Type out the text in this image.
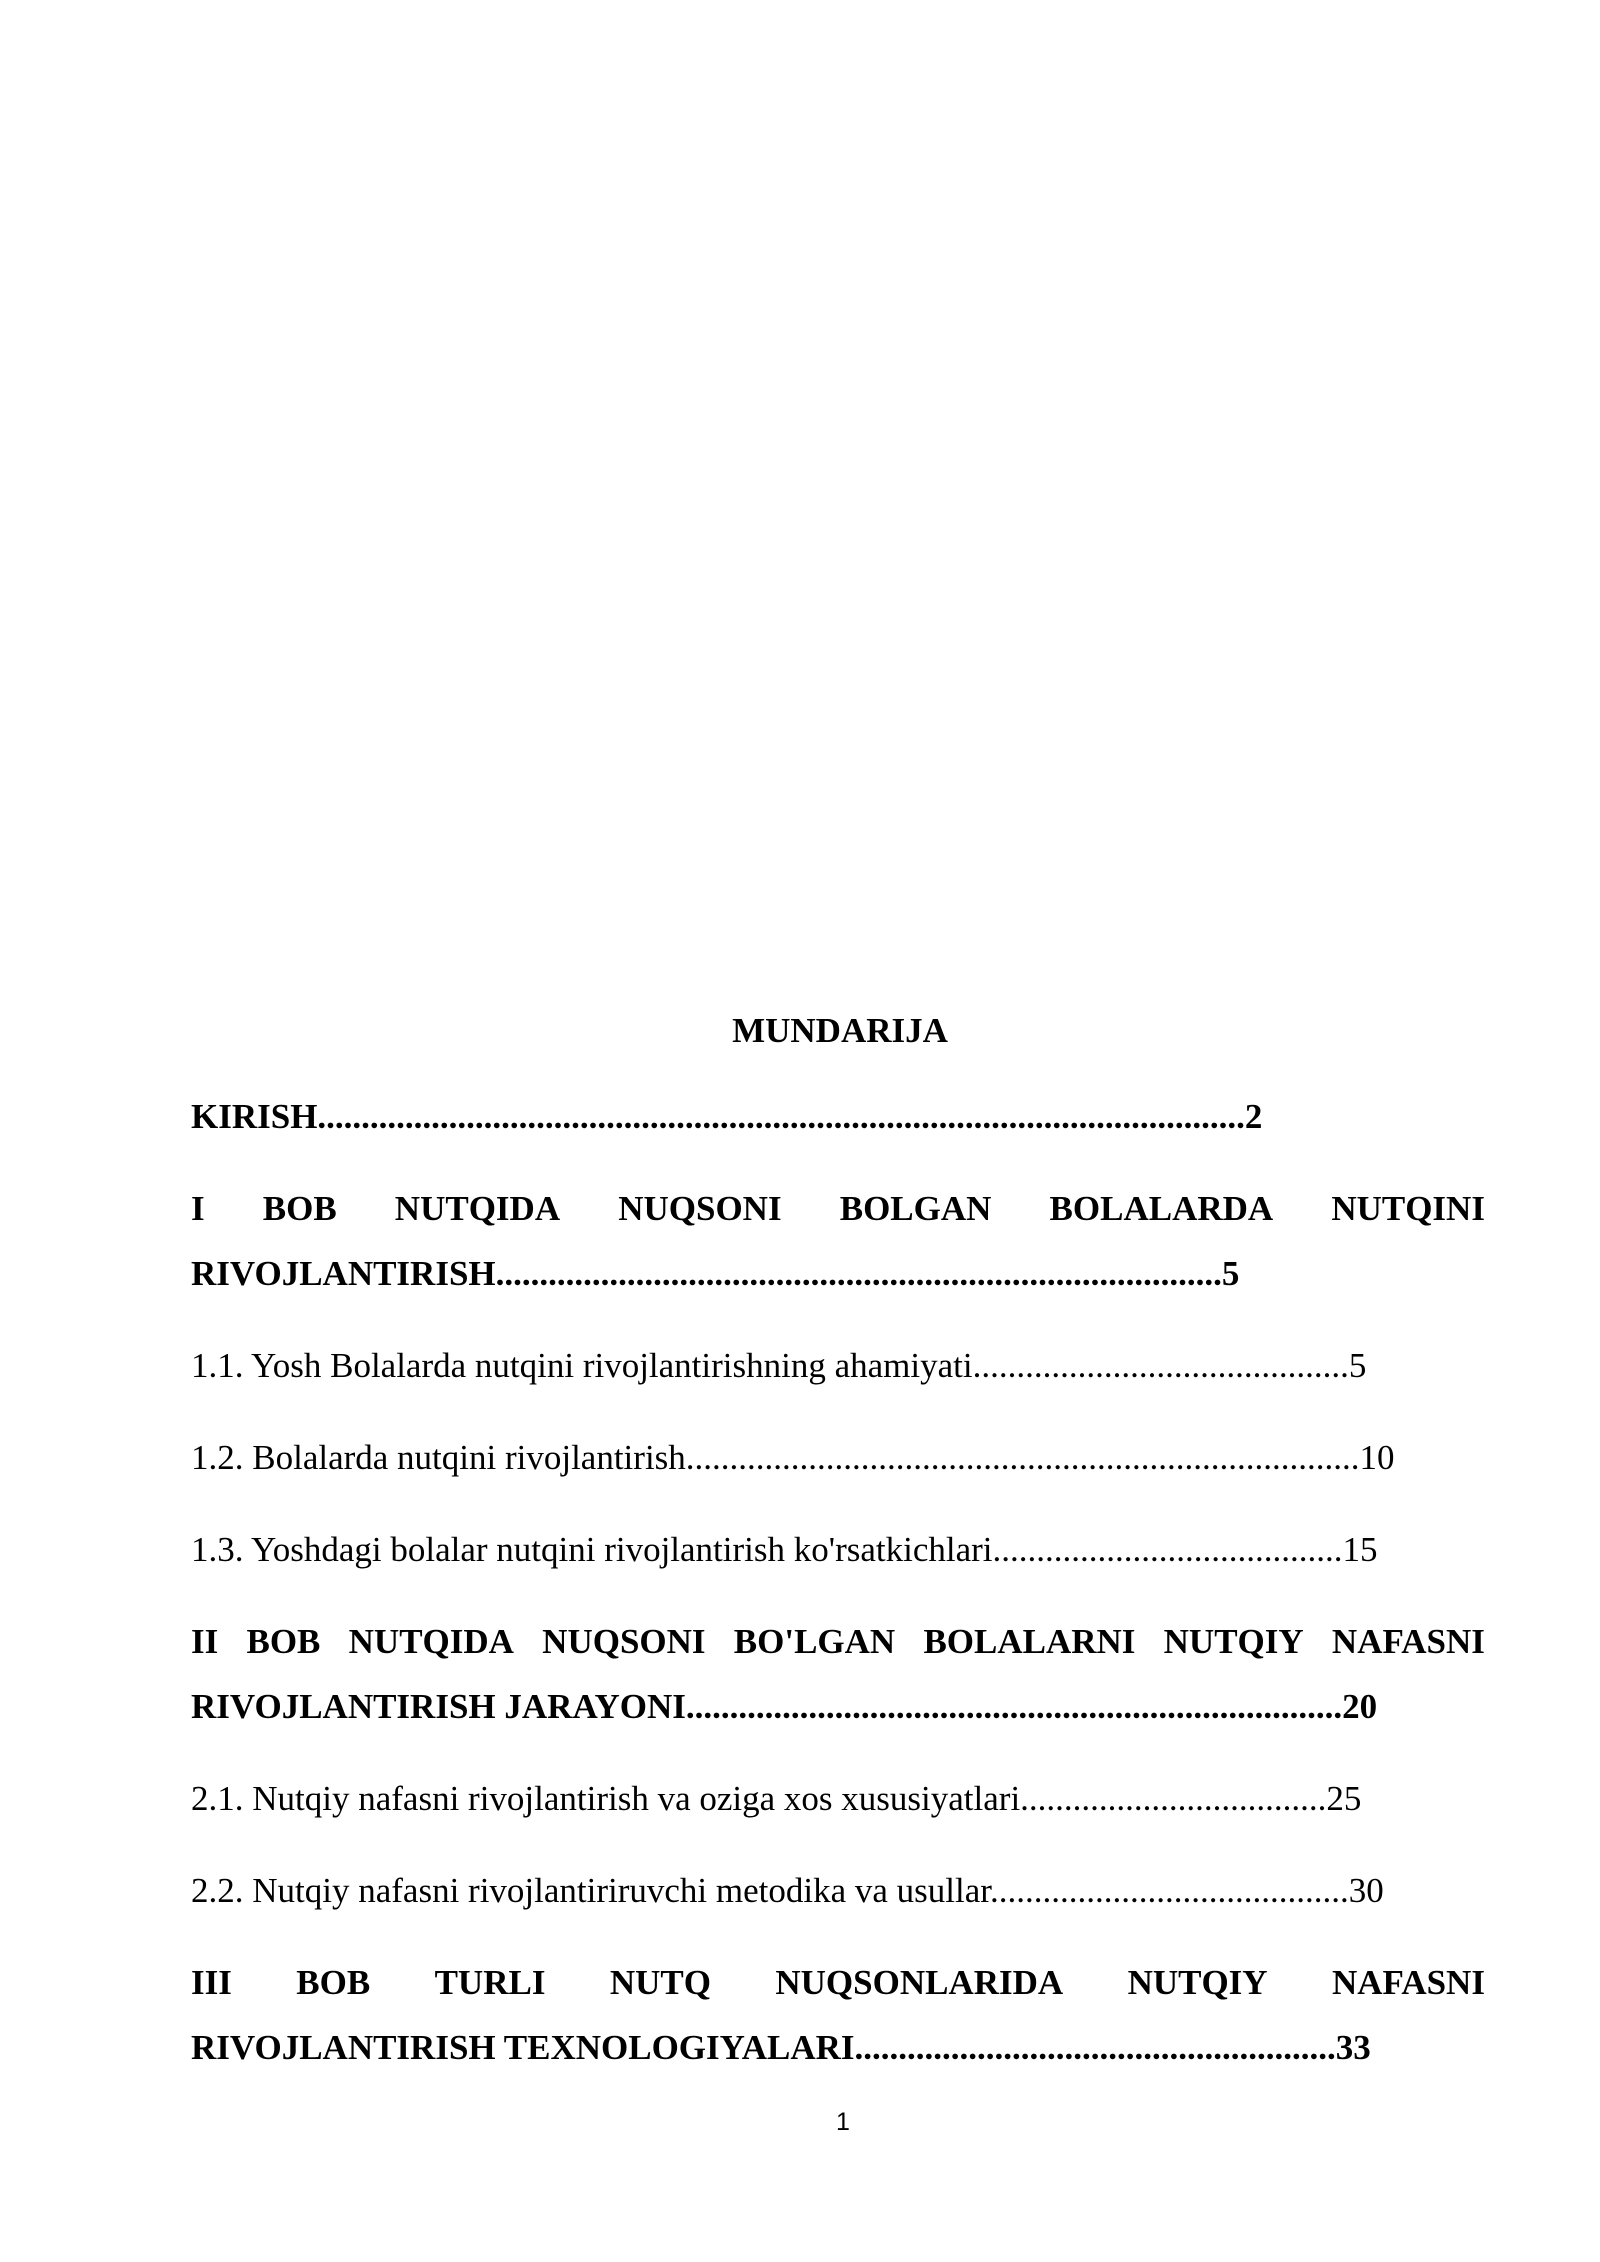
MUNDARIJA
KIRISH..........................................................................................................2
I BOB NUTQIDA NUQSONI BOLGAN BOLALARDA NUTQINI
RIVOJLANTIRISH...................................................................................5
1.1. Yosh Bolalarda nutqini rivojlantirishning ahamiyati...........................................5
1.2. Bolalarda nutqini rivojlantirish.............................................................................10
1.3. Yoshdagi bolalar nutqini rivojlantirish ko'rsatkichlari........................................15
II BOB NUTQIDA NUQSONI BO'LGAN BOLALARNI NUTQIY NAFASNI
RIVOJLANTIRISH JARAYONI...........................................................................20
2.1. Nutqiy nafasni rivojlantirish va oziga xos xususiyatlari...................................25
2.2. Nutqiy nafasni rivojlantiriruvchi metodika va usullar.........................................30
III BOB TURLI NUTQ NUQSONLARIDA NUTQIY NAFASNI
RIVOJLANTIRISH TEXNOLOGIYALARI.......................................................33
1
